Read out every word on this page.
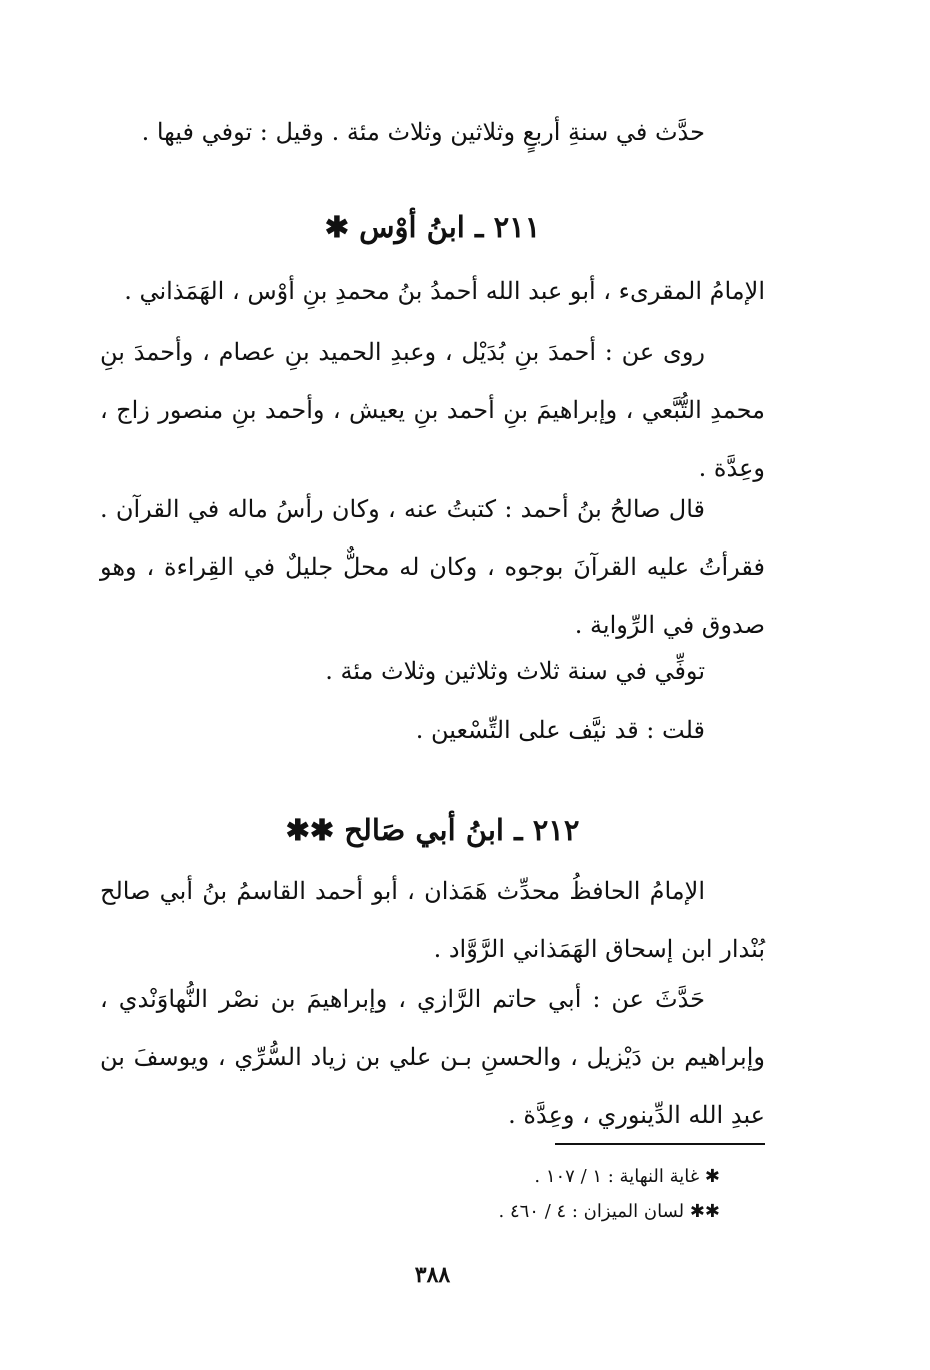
حدَّث في سنةِ أربعٍ وثلاثين وثلاث مئة . وقيل : توفي فيها .

٢١١ ـ ابنُ أوْس ✱

الإمامُ المقرىء ، أبو عبد الله أحمدُ بنُ محمدِ بنِ أوْس ، الهَمَذاني .

روى عن : أحمدَ بنِ بُدَيْل ، وعبدِ الحميد بنِ عصام ، وأحمدَ بنِ محمدِ التُّبَّعي ، وإبراهيمَ بنِ أحمد بنِ يعيش ، وأحمد بنِ منصور زاج ، وعِدَّة .

قال صالحُ بنُ أحمد : كتبتُ عنه ، وكان رأسُ ماله في القرآن . فقرأتُ عليه القرآنَ بوجوه ، وكان له محلٌّ جليلٌ في القِراءة ، وهو صدوق في الرِّواية .

توفِّي في سنة ثلاث وثلاثين وثلاث مئة .

قلت : قد نيَّف على التِّسْعين .

٢١٢ ـ ابنُ أبي صَالح ✱✱

الإمامُ الحافظُ محدِّث هَمَذان ، أبو أحمد القاسمُ بنُ أبي صالح بُنْدار ابن إسحاق الهَمَذاني الرَّوَّاد .

حَدَّثَ عن : أبي حاتم الرَّازي ، وإبراهيمَ بن نصْر النُّهاوَنْدي ، وإبراهيم بن دَيْزيل ، والحسنِ بـن علي بن زياد السُّرِّي ، ويوسفَ بن عبدِ الله الدِّينوري ، وعِدَّة .

✱ غاية النهاية : ١ / ١٠٧ .

✱✱ لسان الميزان : ٤ / ٤٦٠ .

٣٨٨
